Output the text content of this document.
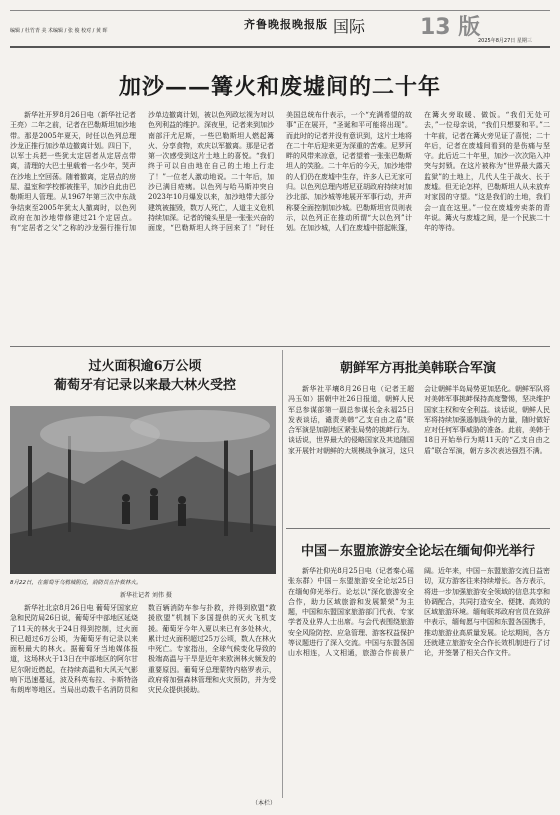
编辑 / 杜竹青 美 术编辑 / 张 俊 校对 / 黄 晖	齐鲁晚报晚报版 国际 13 版
2025年8月27日 星期三
加沙——篝火和废墟间的二十年
新华社开罗8月26日电（新华社记者王亮）二年之前，记者在巴勒斯坦加沙地带。那是2005年夏天，时任以色列总理沙龙正推行加沙单边撤离计划。四日下，以军士兵把一些犹太定居者从定居点带离，清理的大巴士里载着一名少年，哭声在沙地上空回荡。随着撤离，定居点的房屋、温室和学校都被推平，加沙自此由巴勒斯坦人管理。从1967年第三次中东战争结束至2005年犹太人撤离时，以色列政府在加沙地带修建过21个定居点。有“定居者之父”之称的沙龙强行推行加沙单边撤离计划，被以色列政坛视为对以色列利益的维护。深夜里，记者来到加沙南部汗尤尼斯，一些巴勒斯坦人燃起篝火、分享食物，欢庆以军撤离。那是记者第一次感受到这片土地上的喜悦。“我们终于可以自由地在自己的土地上行走了！”一位老人激动地说。二十年后，加沙已满目疮痍。以色列与哈马斯冲突自2023年10月爆发以来，加沙地带大部分建筑被摧毁，数万人死亡，人道主义危机持续加深。记者的镜头里是一张张兴奋的面庞，“巴勒斯坦人终于回来了！”时任美国总统布什表示，一个“充满希望的故事”正在展开，“圣诞和平可能将出现”。而此时的记者并没有意识到，这片土地将在二十年后迎来更为深重的苦难。尼罗河畔的风带来凉意，记者望着一张张巴勒斯坦人的笑脸。二十年后的今天，加沙地带的人们仍在废墟中生存，许多人已无家可归。以色列总理内塔尼亚胡政府持续对加沙北部、加沙城等地展开军事行动，并声称要全面控制加沙城。巴勒斯坦官员则表示，以色列正在推动所谓“大以色列”计划。在加沙城，人们在废墟中搭起帐篷，在篝火旁取暖、做饭。“我们无处可去，”一位母亲说，“我们只想要和平。”二十年前，记者在篝火旁见证了喜悦；二十年后，记者在废墟间看到的是伤痛与坚守。此后近二十年里，加沙一次次陷入冲突与封锁。在这片被称为“世界最大露天监狱”的土地上，几代人生于战火、长于废墟。但无论怎样，巴勒斯坦人从未放弃对家园的守望。“这是我们的土地，我们会一直在这里。”一位在废墟旁卖茶的青年说。篝火与废墟之间，是一个民族二十年的等待。
过火面积逾6万公顷
葡萄牙有记录以来最大林火受控
8月22日，在葡萄牙乌鸦城附近，消防员在扑救林火。
新华社记者 刘伟 摄
新华社北京8月26日电 葡萄牙国家应急和民防局26日说，葡萄牙中部地区延烧了11天的林火于24日得到控制，过火面积已超过6万公顷，为葡萄牙有记录以来面积最大的林火。据葡萄牙当地媒体报道，这场林火于13日在中部地区的阿尔甘尼尔附近燃起，在持续高温和大风天气影响下迅速蔓延，波及科英布拉、卡斯特洛布朗库等地区。当局出动数千名消防员和数百辆消防车参与扑救，并得到欧盟“救援欧盟”机制下多国提供的灭火飞机支援。葡萄牙今年入夏以来已有多处林火，累计过火面积超过25万公顷，数人在林火中死亡。专家指出，全球气候变化导致的极端高温与干旱是近年来欧洲林火频发的重要原因。葡萄牙总理蒙特内格罗表示，政府将加强森林管理和火灾预防，并为受灾民众提供援助。
（本栏）
朝鲜军方再批美韩联合军演
新华社平壤8月26日电（记者王超 冯玉如）据朝中社26日报道，朝鲜人民军总参谋部第一副总参谋长金永福25日发表谈话，谴责美韩“乙支自由之盾”联合军演是加剧地区紧张局势的挑衅行为。谈话说，世界最大的侵略国家及其追随国家开展针对朝鲜的大规模战争演习，这只会让朝鲜半岛局势更加恶化。朝鲜军队将对美韩军事挑衅保持高度警惕，坚决维护国家主权和安全利益。谈话说，朝鲜人民军将持续加强遏制战争的力量，随时做好应对任何军事威胁的准备。此前，美韩于18日开始举行为期11天的“乙支自由之盾”联合军演，朝方多次表达强烈不满。
中国－东盟旅游安全论坛在缅甸仰光举行
新华社仰光8月25日电（记者秦心瑶 张东群）中国－东盟旅游安全论坛25日在缅甸仰光举行。论坛以“深化旅游安全合作，助力区域旅游和发展繁荣”为主题，中国和东盟国家旅游部门代表、专家学者及业界人士出席。与会代表围绕旅游安全风险防控、应急管理、游客权益保护等议题进行了深入交流。中国与东盟各国山水相连，人文相通，旅游合作前景广阔。近年来，中国－东盟旅游交流日益密切，双方游客往来持续增长。各方表示，将进一步加强旅游安全领域的信息共享和协调配合，共同打造安全、便捷、高效的区域旅游环境。缅甸联邦政府官员在致辞中表示，缅甸愿与中国和东盟各国携手，推动旅游业高质量发展。论坛期间，各方还就建立旅游安全合作长效机制进行了讨论，并签署了相关合作文件。
